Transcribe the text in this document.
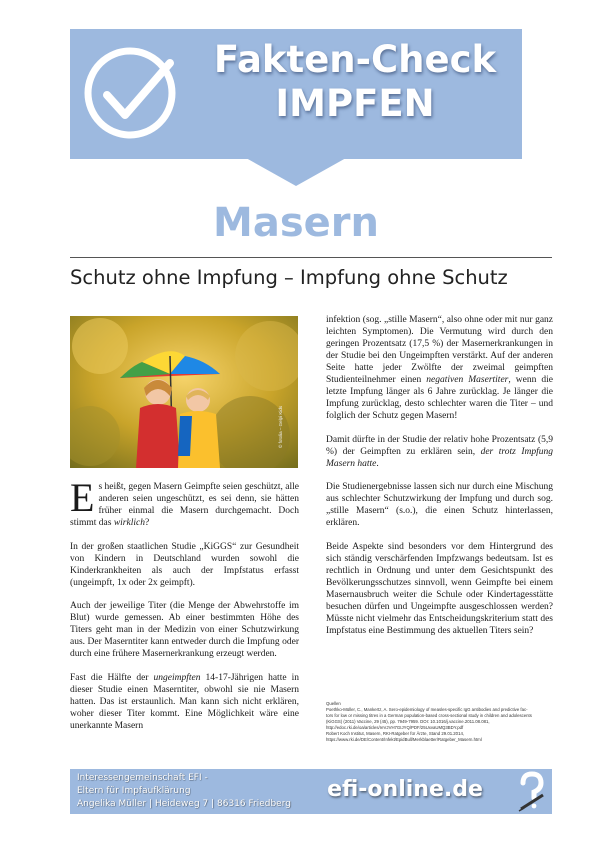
Fakten-Check
IMPFEN
Masern
Schutz ohne Impfung – Impfung ohne Schutz
© fotolia – Gelpi Kids

Es heißt, gegen Masern Geimpfte seien geschützt, alle anderen seien ungeschützt, es sei denn, sie hätten früher einmal die Masern durchgemacht. Doch stimmt das wirklich?

In der großen staatlichen Studie „KiGGS“ zur Gesundheit von Kindern in Deutschland wurden sowohl die Kinderkrankheiten als auch der Impfstatus erfasst (ungeimpft, 1x oder 2x geimpft).

Auch der jeweilige Titer (die Menge der Abwehrstoffe im Blut) wurde gemessen. Ab einer bestimmten Höhe des Titers geht man in der Medizin von einer Schutzwirkung aus. Der Maserntiter kann entweder durch die Impfung oder durch eine frühere Masernerkrankung erzeugt werden.

Fast die Hälfte der ungeimpften 14-17-Jährigen hatte in dieser Studie einen Maserntiter, obwohl sie nie Masern hatten. Das ist erstaunlich. Man kann sich nicht erklären, woher dieser Titer kommt. Eine Möglichkeit wäre eine unerkannte Masern

infektion (sog. „stille Masern“, also ohne oder mit nur ganz leichten Symptomen). Die Vermutung wird durch den geringen Prozentsatz (17,5 %) der Masernerkrankungen in der Studie bei den Ungeimpften verstärkt. Auf der anderen Seite hatte jeder Zwölfte der zweimal geimpften Studienteilnehmer einen negativen Masertiter, wenn die letzte Impfung länger als 6 Jahre zurücklag. Je länger die Impfung zurücklag, desto schlechter waren die Titer – und folglich der Schutz gegen Masern!

Damit dürfte in der Studie der relativ hohe Prozentsatz (5,9 %) der Geimpften zu erklären sein, der trotz Impfung Masern hatte.

Die Studienergebnisse lassen sich nur durch eine Mischung aus schlechter Schutzwirkung der Impfung und durch sog. „stille Masern“ (s.o.), die einen Schutz hinterlassen, erklären.

Beide Aspekte sind besonders vor dem Hintergrund des sich ständig verschärfenden Impfzwangs bedeutsam. Ist es rechtlich in Ordnung und unter dem Gesichtspunkt des Bevölkerungsschutzes sinnvoll, wenn Geimpfte bei einem Masernausbruch weiter die Schule oder Kindertagesstätte besuchen dürfen und Ungeimpfte ausgeschlossen werden? Müsste nicht vielmehr das Entscheidungskriterium statt des Impfstatus eine Bestimmung des aktuellen Titers sein?

Quellen
Poethko-Müller, C., Mankertz, A. Sero-epidemiology of measles-specific IgG antibodies and predictive fac-
tors for low or missing titres in a German population-based cross-sectional study in children and adolescents
(KiGGS) (2011) Vaccine, 29 (45), pp. 7949-7959. DOI: 10.1016/j.vaccine.2011.08.081,
http://edoc.rki.de/oa/articles/reVJVH7GIJYQ/PDF/25UxvaUMQ3BDY.pdf
Robert Koch Institut, Masern, RKI-Ratgeber für Ärzte, Stand 29.01.2014,
https://www.rki.de/DE/Content/Infekt/EpidBull/Merkblaetter/Ratgeber_Masern.html
Interessengemeinschaft EFI -
Eltern für Impfaufklärung
Angelika Müller | Heideweg 7 | 86316 Friedberg
efi-online.de
